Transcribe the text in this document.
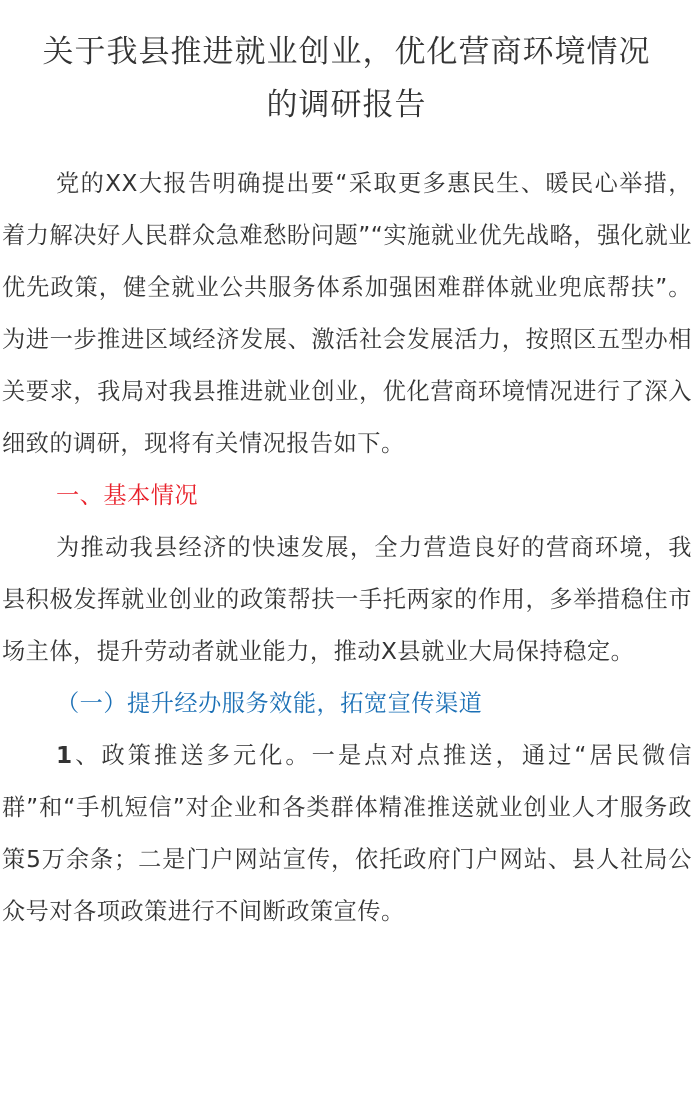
关于我县推进就业创业，优化营商环境情况
的调研报告

党的XX大报告明确提出要“采取更多惠民生、暖民心举措，着力解决好人民群众急难愁盼问题”“实施就业优先战略，强化就业优先政策，健全就业公共服务体系加强困难群体就业兜底帮扶”。为进一步推进区域经济发展、激活社会发展活力，按照区五型办相关要求，我局对我县推进就业创业，优化营商环境情况进行了深入细致的调研，现将有关情况报告如下。

一、基本情况

为推动我县经济的快速发展，全力营造良好的营商环境，我县积极发挥就业创业的政策帮扶一手托两家的作用，多举措稳住市场主体，提升劳动者就业能力，推动X县就业大局保持稳定。

（一）提升经办服务效能，拓宽宣传渠道

1、政策推送多元化。一是点对点推送，通过“居民微信群”和“手机短信”对企业和各类群体精准推送就业创业人才服务政策5万余条；二是门户网站宣传，依托政府门户网站、县人社局公众号对各项政策进行不间断政策宣传。
